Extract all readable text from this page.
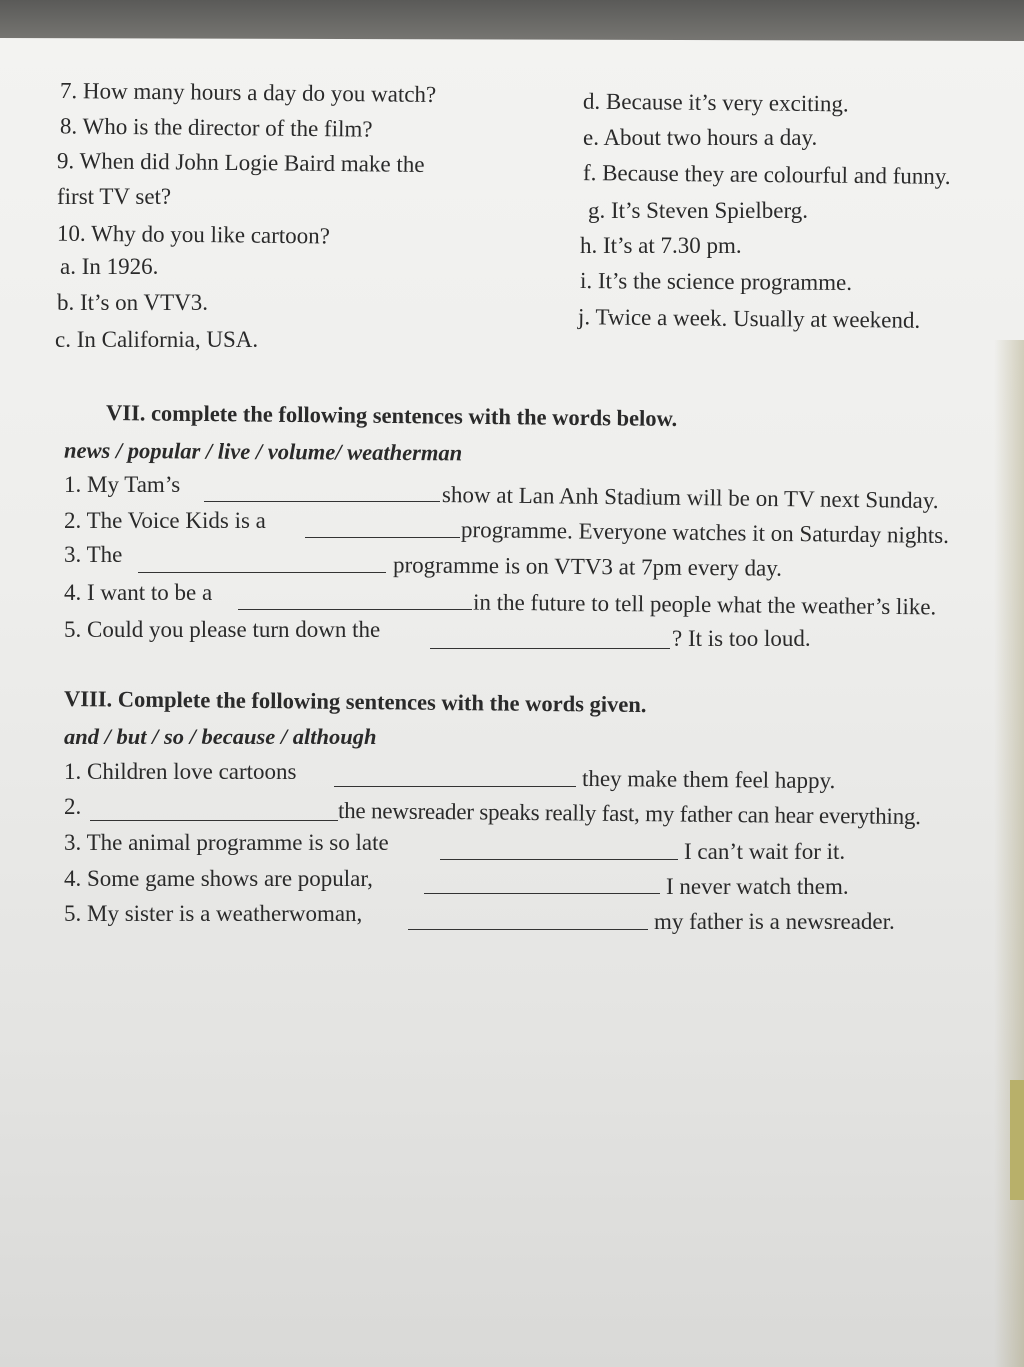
7. How many hours a day do you watch?
8. Who is the director of the film?
9. When did John Logie Baird make the
first TV set?
10. Why do you like cartoon?
a. In 1926.
b. It’s on VTV3.
c. In California, USA.
d. Because it’s very exciting.
e. About two hours a day.
f. Because they are colourful and funny.
g. It’s Steven Spielberg.
h. It’s at 7.30 pm.
i. It’s the science programme.
j. Twice a week. Usually at weekend.
VII. complete the following sentences with the words below.
news / popular / live / volume/ weatherman
1. My Tam’s	show at Lan Anh Stadium will be on TV next Sunday.
2. The Voice Kids is a	programme. Everyone watches it on Saturday nights.
3. The	programme is on VTV3 at 7pm every day.
4. I want to be a	in the future to tell people what the weather’s like.
5. Could you please turn down the	? It is too loud.
VIII. Complete the following sentences with the words given.
and / but / so / because / although
1. Children love cartoons	they make them feel happy.
2.	the newsreader speaks really fast, my father can hear everything.
3. The animal programme is so late	I can’t wait for it.
4. Some game shows are popular,	I never watch them.
5. My sister is a weatherwoman,	my father is a newsreader.
